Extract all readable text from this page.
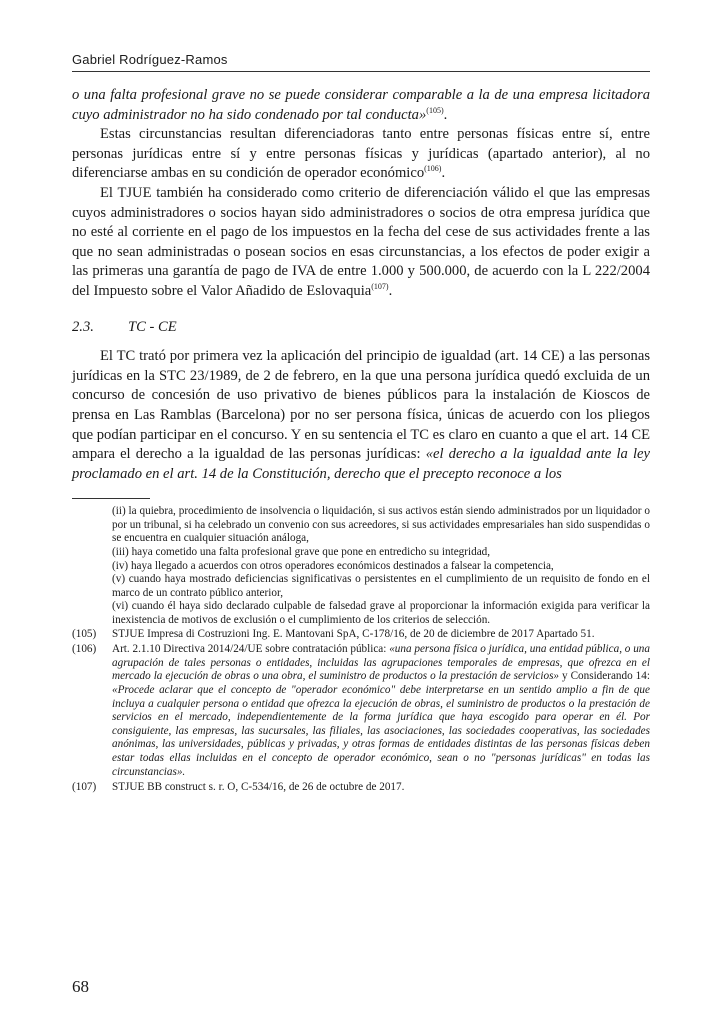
Gabriel Rodríguez-Ramos

o una falta profesional grave no se puede considerar comparable a la de una empresa licitadora cuyo administrador no ha sido condenado por tal conducta»$^{(105)}$.

Estas circunstancias resultan diferenciadoras tanto entre personas físicas entre sí, entre personas jurídicas entre sí y entre personas físicas y jurídicas (apartado anterior), al no diferenciarse ambas en su condición de operador económico$^{(106)}$.

El TJUE también ha considerado como criterio de diferenciación válido el que las empresas cuyos administradores o socios hayan sido administradores o socios de otra empresa jurídica que no esté al corriente en el pago de los impuestos en la fecha del cese de sus actividades frente a las que no sean administradas o posean socios en esas circunstancias, a los efectos de poder exigir a las primeras una garantía de pago de IVA de entre 1.000 y 500.000, de acuerdo con la L 222/2004 del Impuesto sobre el Valor Añadido de Eslovaquia$^{(107)}$.

2.3. TC - CE

El TC trató por primera vez la aplicación del principio de igualdad (art. 14 CE) a las personas jurídicas en la STC 23/1989, de 2 de febrero, en la que una persona jurídica quedó excluida de un concurso de concesión de uso privativo de bienes públicos para la instalación de Kioscos de prensa en Las Ramblas (Barcelona) por no ser persona física, únicas de acuerdo con los pliegos que podían participar en el concurso. Y en su sentencia el TC es claro en cuanto a que el art. 14 CE ampara el derecho a la igualdad de las personas jurídicas: «el derecho a la igualdad ante la ley proclamado en el art. 14 de la Constitución, derecho que el precepto reconoce a los

(ii) la quiebra, procedimiento de insolvencia o liquidación, si sus activos están siendo administrados por un liquidador o por un tribunal, si ha celebrado un convenio con sus acreedores, si sus actividades empresariales han sido suspendidas o se encuentra en cualquier situación análoga,
(iii) haya cometido una falta profesional grave que pone en entredicho su integridad,
(iv) haya llegado a acuerdos con otros operadores económicos destinados a falsear la competencia,
(v) cuando haya mostrado deficiencias significativas o persistentes en el cumplimiento de un requisito de fondo en el marco de un contrato público anterior,
(vi) cuando él haya sido declarado culpable de falsedad grave al proporcionar la información exigida para verificar la inexistencia de motivos de exclusión o el cumplimiento de los criterios de selección.
(105)	STJUE Impresa di Costruzioni Ing. E. Mantovani SpA, C-178/16, de 20 de diciembre de 2017 Apartado 51.
(106)	Art. 2.1.10 Directiva 2014/24/UE sobre contratación pública: «una persona física o jurídica, una entidad pública, o una agrupación de tales personas o entidades, incluidas las agrupaciones temporales de empresas, que ofrezca en el mercado la ejecución de obras o una obra, el suministro de productos o la prestación de servicios» y Considerando 14: «Procede aclarar que el concepto de "operador económico" debe interpretarse en un sentido amplio a fin de que incluya a cualquier persona o entidad que ofrezca la ejecución de obras, el suministro de productos o la prestación de servicios en el mercado, independientemente de la forma jurídica que haya escogido para operar en él. Por consiguiente, las empresas, las sucursales, las filiales, las asociaciones, las sociedades cooperativas, las sociedades anónimas, las universidades, públicas y privadas, y otras formas de entidades distintas de las personas físicas deben estar todas ellas incluidas en el concepto de operador económico, sean o no "personas jurídicas" en todas las circunstancias».
(107)	STJUE BB construct s. r. O, C-534/16, de 26 de octubre de 2017.
68
